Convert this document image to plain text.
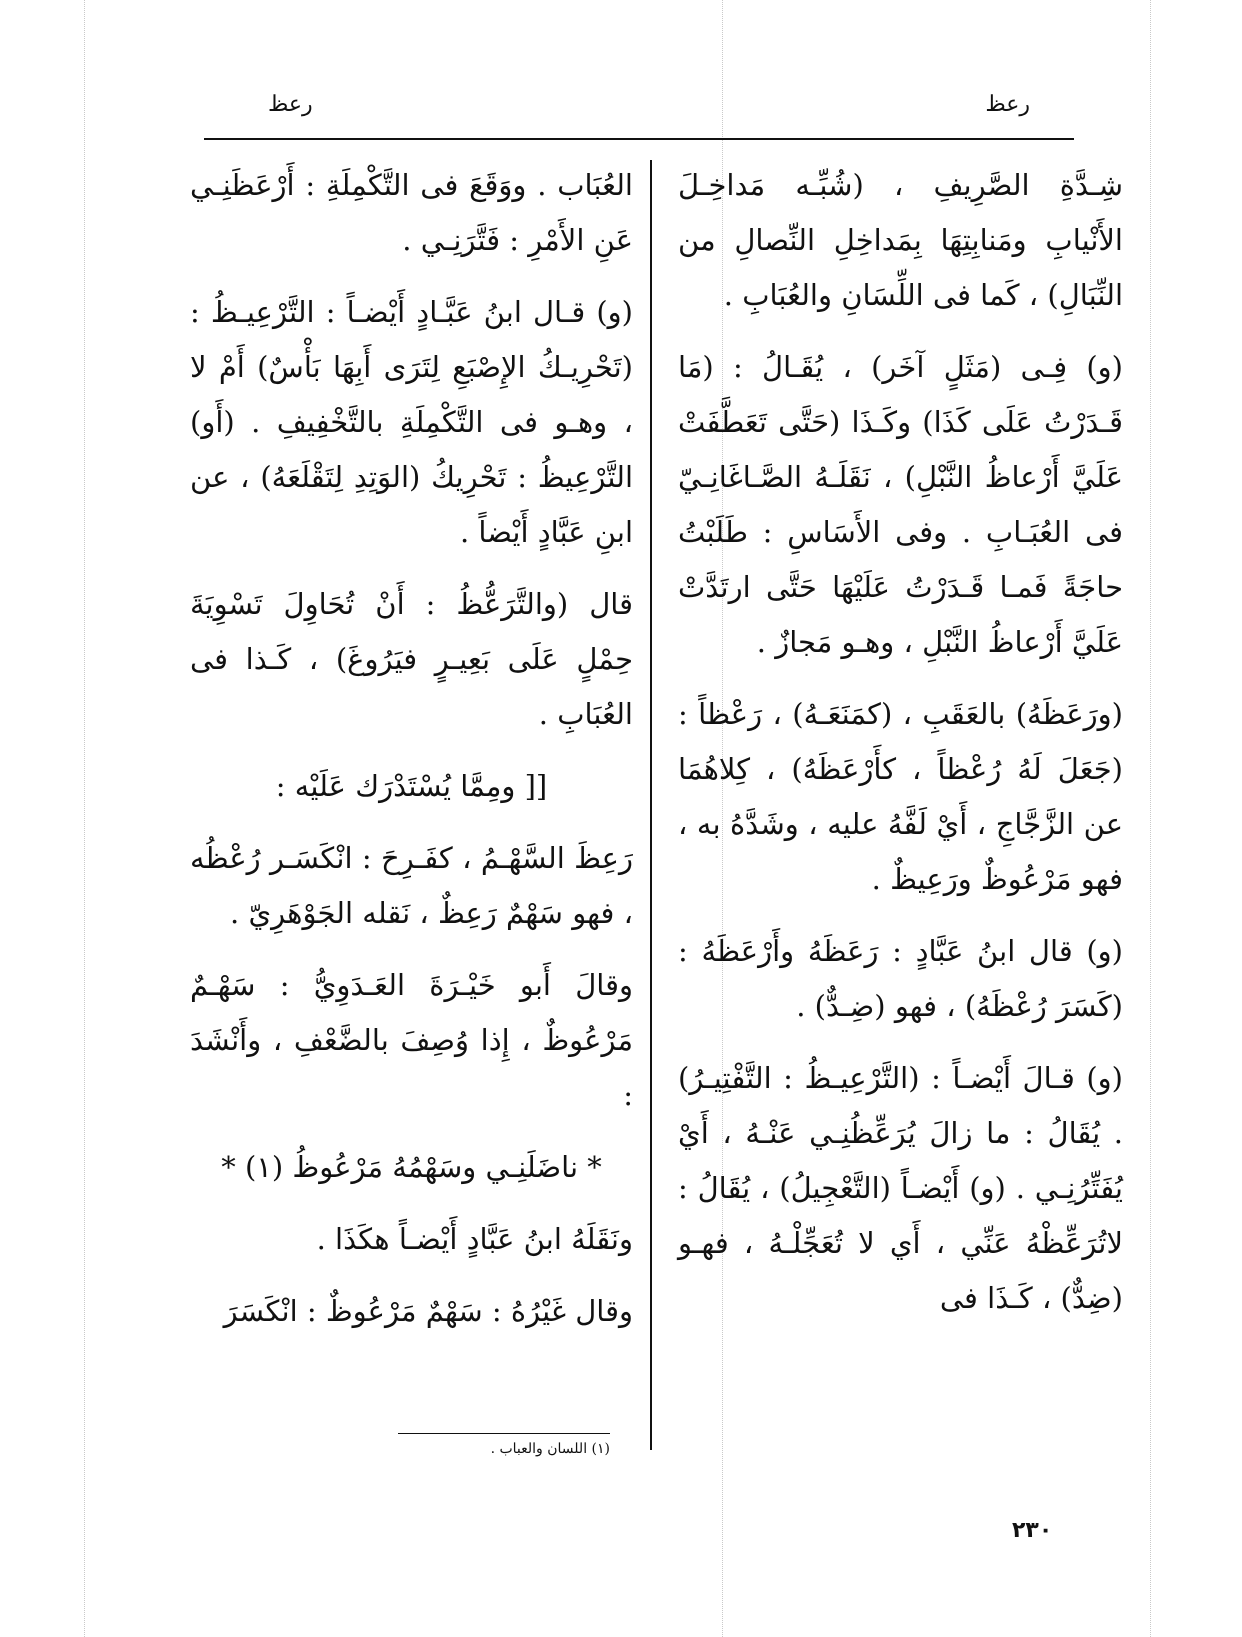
رعظ
رعظ

شِـدَّةِ الصَّرِيفِ ، (شُبِّـه مَداخِـلَ الأَنْيابِ ومَنابِتِهَا بِمَداخِلِ النِّصالِ من النِّبَالِ) ، كَما فى اللِّسَانِ والعُبَابِ .

(و) فِـى (مَثَلٍ آخَر) ، يُقَـالُ : (مَا قَـدَرْتُ عَلَى كَذَا) وكَـذَا (حَتَّى تَعَطَّفَتْ عَلَيَّ أَرْعاظُ النَّبْلِ) ، نَقَلَـهُ الصَّـاغَانِـيّ فى العُبَـابِ . وفى الأَسَاسِ : طَلَبْتُ حاجَةً فَمـا قَـدَرْتُ عَلَيْهَا حَتَّى ارتَدَّتْ عَلَيَّ أَرْعاظُ النَّبْلِ ، وهـو مَجازٌ .

(ورَعَظَهُ) بالعَقَبِ ، (كمَنَعَـهُ) ، رَعْظاً : (جَعَلَ لَهُ رُعْظاً ، كأَرْعَظَهُ) ، كِلاهُمَا عن الزَّجَّاجِ ، أَيْ لَفَّهُ عليه ، وشَدَّهُ به ، فهو مَرْعُوظٌ ورَعِيظٌ .

(و) قال ابنُ عَبَّادٍ : رَعَظَهُ وأَرْعَظَهُ : (كَسَرَ رُعْظَهُ) ، فهو (ضِـدٌّ) .

(و) قـالَ أَيْضـاً : (التَّرْعِيـظُ : التَّفْتِيـرُ) . يُقَالُ : ما زالَ يُرَعِّظُنِـي عَنْـهُ ، أَيْ يُفَتِّرُنِـي . (و) أَيْضـاً (التَّعْجِيلُ) ، يُقَالُ : لاتُرَعِّظْهُ عَنِّي ، أَي لا تُعَجِّلْـهُ ، فهـو (ضِدٌّ) ، كَـذَا فى

العُبَاب . ووَقَعَ فى التَّكْمِلَةِ : أَرْعَظَنِـي عَنِ الأَمْرِ : فَتَّرَنِـي .

(و) قـال ابنُ عَبَّـادٍ أَيْضـاً : التَّرْعِيـظُ : (تَحْرِيـكُ الإِصْبَعِ لِتَرَى أَبِهَا بَأْسٌ) أَمْ لا ، وهـو فى التَّكْمِلَةِ بالتَّخْفِيفِ . (أَو) التَّرْعِيظُ : تَحْرِيكُ (الوَتِدِ لِتَقْلَعَهُ) ، عن ابنِ عَبَّادٍ أَيْضاً .

قال (والتَّرَعُّظُ : أَنْ تُحَاوِلَ تَسْوِيَةَ حِمْلٍ عَلَى بَعِيـرٍ فيَرُوغَ) ، كَـذا فى العُبَابِ .

[[ ومِمَّا يُسْتَدْرَك عَلَيْه :

رَعِظَ السَّهْـمُ ، كفَـرِحَ : انْكَسَـر رُعْظُه ، فهو سَهْمٌ رَعِظٌ ، نَقله الجَوْهَرِيّ .

وقالَ أَبو خَيْـرَةَ العَـدَوِيُّ : سَهْـمٌ مَرْعُوظٌ ، إِذا وُصِفَ بالضَّعْفِ ، وأَنْشَدَ :

* ناضَلَنِـي وسَهْمُهُ مَرْعُوظُ (١) *

ونَقَلَهُ ابنُ عَبَّادٍ أَيْضـاً هكَذَا .

وقال غَيْرُهُ : سَهْمٌ مَرْعُوظٌ : انْكَسَرَ

(١) اللسان والعباب .
٢٣٠
